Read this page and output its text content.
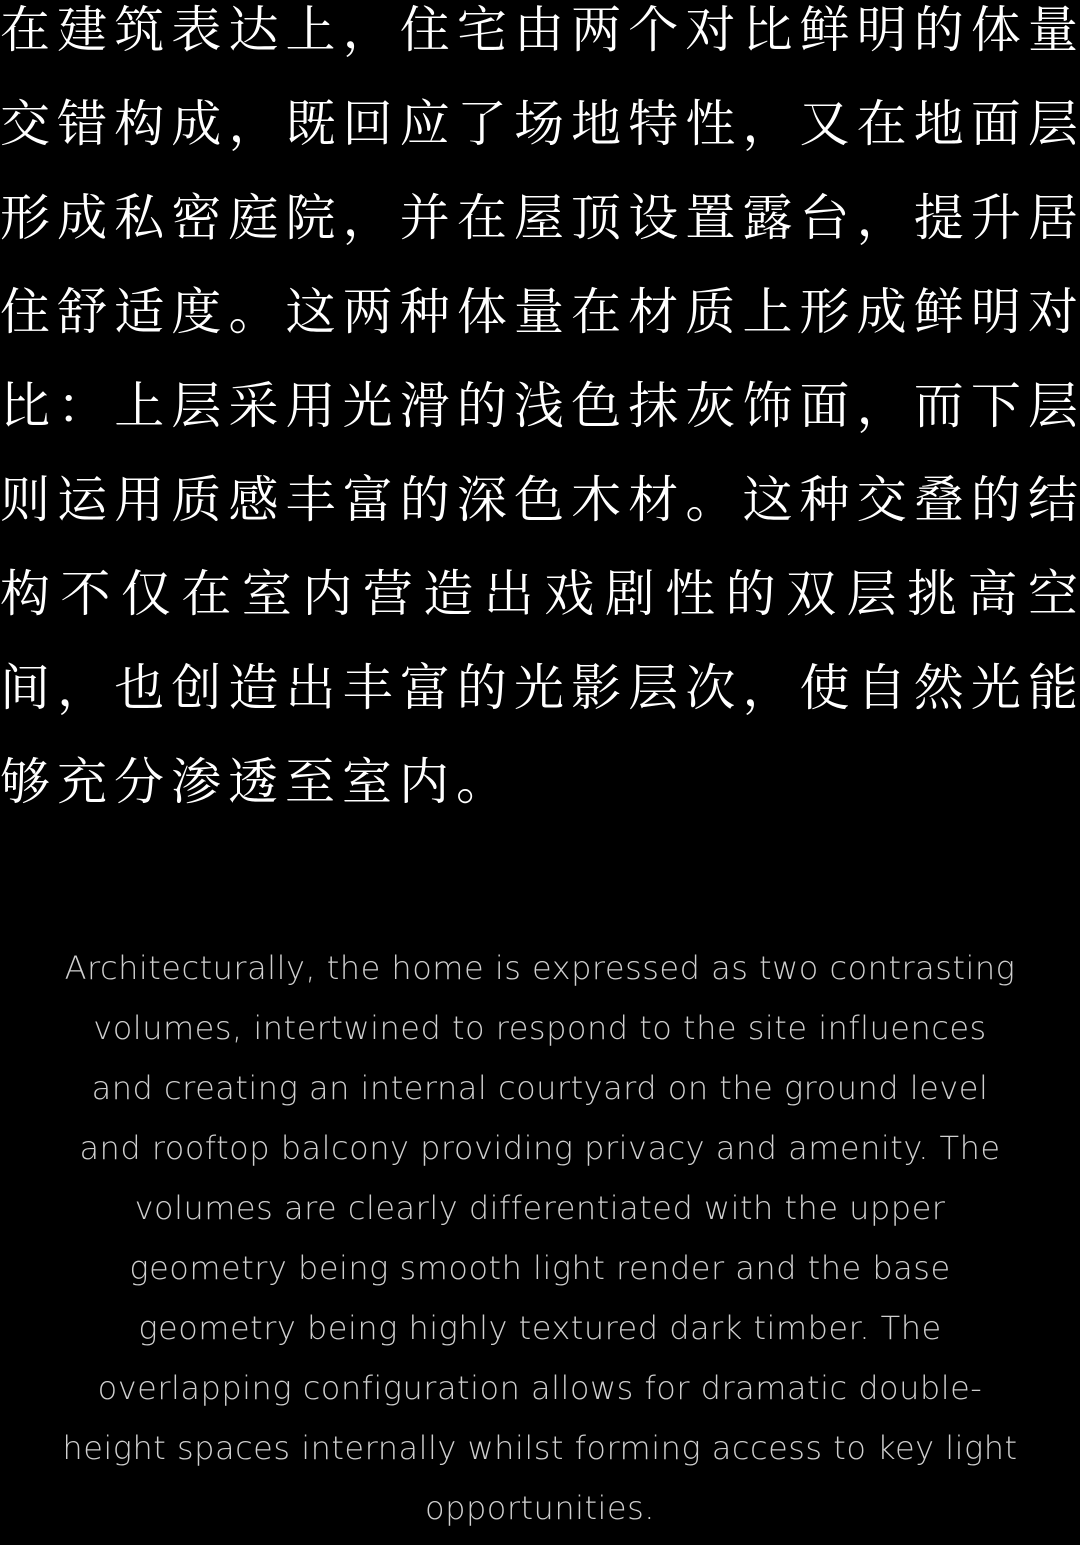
在建筑表达上，住宅由两个对比鲜明的体量
交错构成，既回应了场地特性，又在地面层
形成私密庭院，并在屋顶设置露台，提升居
住舒适度。这两种体量在材质上形成鲜明对
比：上层采用光滑的浅色抹灰饰面，而下层
则运用质感丰富的深色木材。这种交叠的结
构不仅在室内营造出戏剧性的双层挑高空
间，也创造出丰富的光影层次，使自然光能
够充分渗透至室内。
Architecturally, the home is expressed as two contrasting
volumes, intertwined to respond to the site influences
and creating an internal courtyard on the ground level
and rooftop balcony providing privacy and amenity. The
volumes are clearly differentiated with the upper
geometry being smooth light render and the base
geometry being highly textured dark timber. The
overlapping configuration allows for dramatic double-
height spaces internally whilst forming access to key light
opportunities.
